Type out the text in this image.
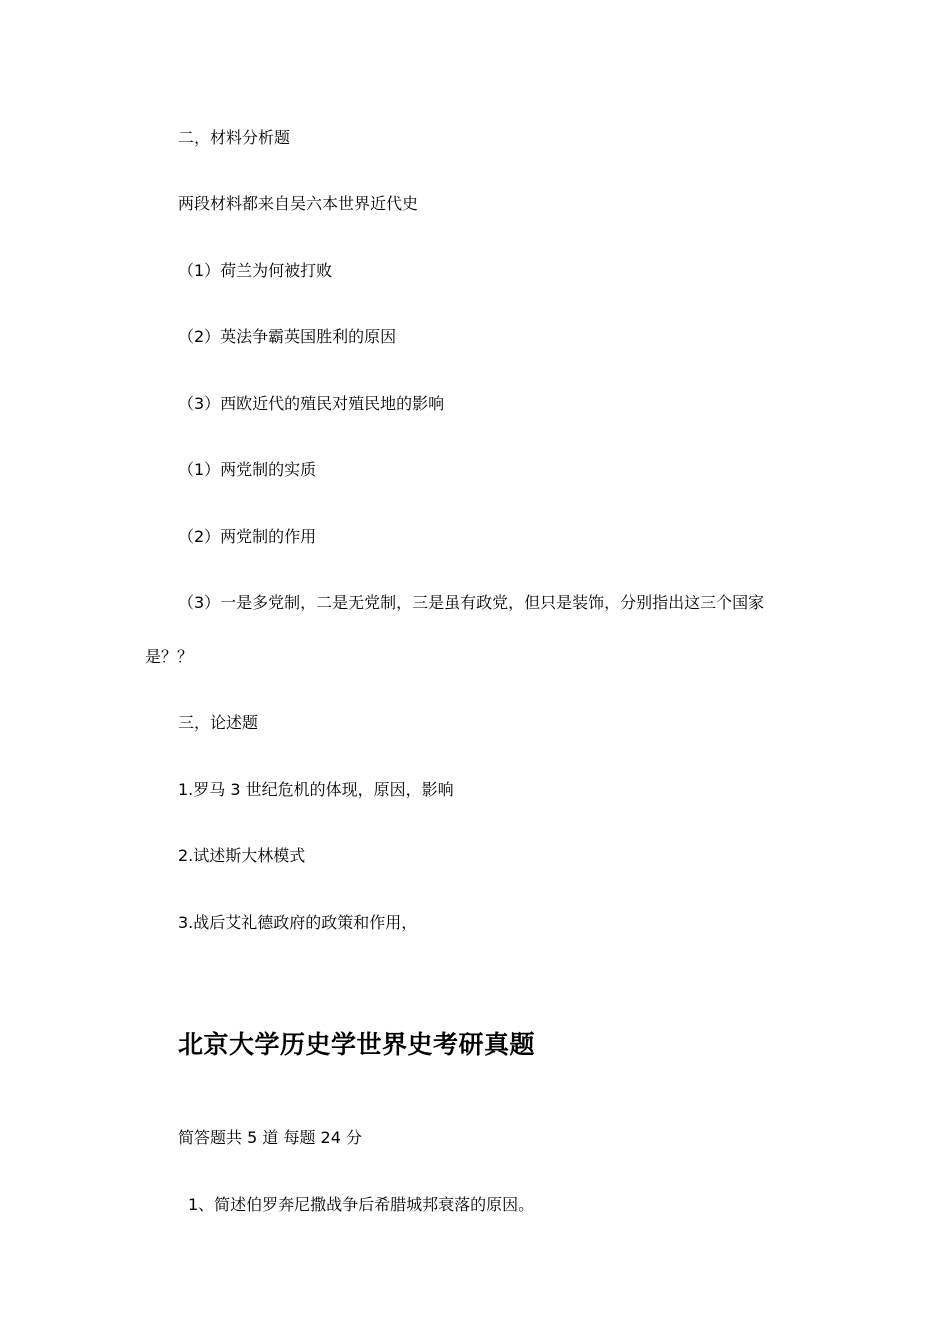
二，材料分析题
两段材料都来自吴六本世界近代史
（1）荷兰为何被打败
（2）英法争霸英国胜利的原因
（3）西欧近代的殖民对殖民地的影响
（1）两党制的实质
（2）两党制的作用
（3）一是多党制，二是无党制，三是虽有政党，但只是装饰，分别指出这三个国家
是？？
三，论述题
1.罗马 3 世纪危机的体现，原因，影响
2.试述斯大林模式
3.战后艾礼德政府的政策和作用，
北京大学历史学世界史考研真题
简答题共 5 道 每题 24 分
1、简述伯罗奔尼撒战争后希腊城邦衰落的原因。
